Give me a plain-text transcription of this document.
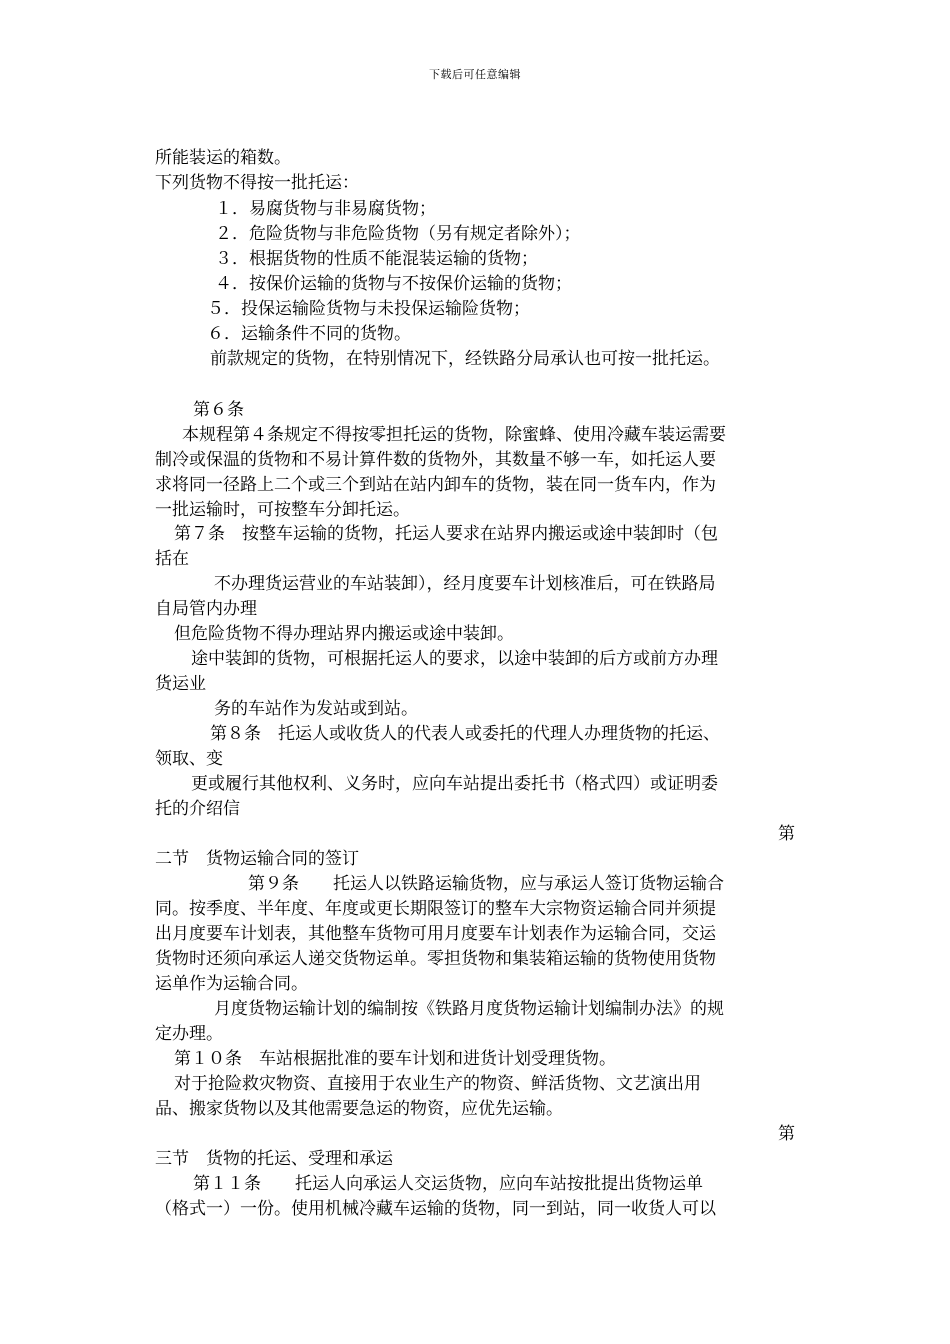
下载后可任意编辑
所能装运的箱数。
下列货物不得按一批托运：
１．易腐货物与非易腐货物；
２．危险货物与非危险货物（另有规定者除外）；
３．根据货物的性质不能混装运输的货物；
４．按保价运输的货物与不按保价运输的货物；
５．投保运输险货物与未投保运输险货物；
６．运输条件不同的货物。
前款规定的货物，在特别情况下，经铁路分局承认也可按一批托运。
第６条
本规程第４条规定不得按零担托运的货物，除蜜蜂、使用冷藏车装运需要
制冷或保温的货物和不易计算件数的货物外，其数量不够一车，如托运人要
求将同一径路上二个或三个到站在站内卸车的货物，装在同一货车内，作为
一批运输时，可按整车分卸托运。
第７条　按整车运输的货物，托运人要求在站界内搬运或途中装卸时（包
括在
不办理货运营业的车站装卸），经月度要车计划核准后，可在铁路局
自局管内办理
但危险货物不得办理站界内搬运或途中装卸。
途中装卸的货物，可根据托运人的要求，以途中装卸的后方或前方办理
货运业
务的车站作为发站或到站。
第８条　托运人或收货人的代表人或委托的代理人办理货物的托运、
领取、变
更或履行其他权利、义务时，应向车站提出委托书（格式四）或证明委
托的介绍信
第
二节　货物运输合同的签订
第９条　　托运人以铁路运输货物，应与承运人签订货物运输合
同。按季度、半年度、年度或更长期限签订的整车大宗物资运输合同并须提
出月度要车计划表，其他整车货物可用月度要车计划表作为运输合同，交运
货物时还须向承运人递交货物运单。零担货物和集装箱运输的货物使用货物
运单作为运输合同。
月度货物运输计划的编制按《铁路月度货物运输计划编制办法》的规
定办理。
第１０条　车站根据批准的要车计划和进货计划受理货物。
对于抢险救灾物资、直接用于农业生产的物资、鲜活货物、文艺演出用
品、搬家货物以及其他需要急运的物资，应优先运输。
第
三节　货物的托运、受理和承运
第１１条　　托运人向承运人交运货物，应向车站按批提出货物运单
（格式一）一份。使用机械冷藏车运输的货物，同一到站，同一收货人可以
